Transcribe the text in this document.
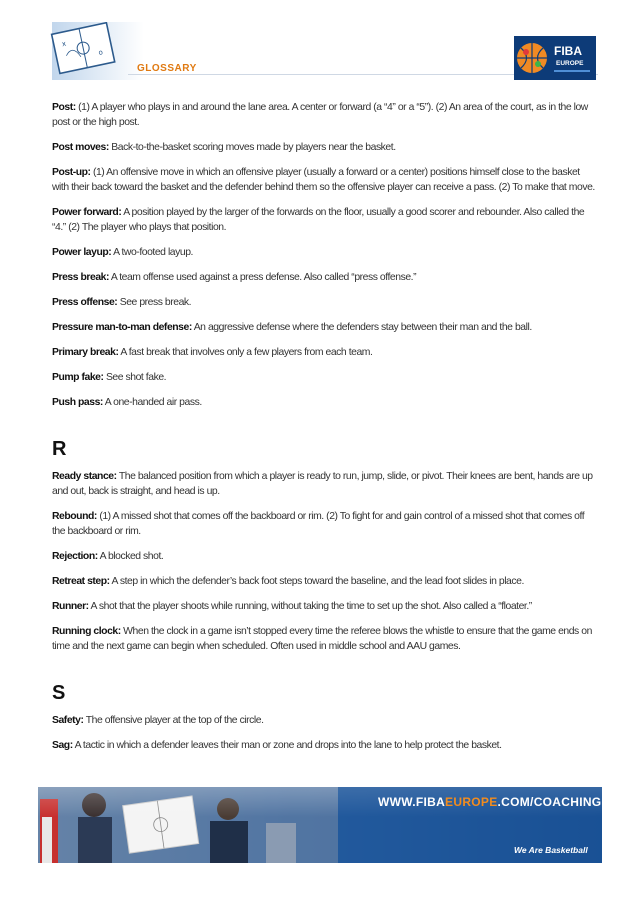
x
o
GLOSSARY
FIBA
EUROPE

Post: (1) A player who plays in and around the lane area. A center or forward (a “4” or a “5”). (2) An area of the court, as in the low post or the high post.

Post moves: Back-to-the-basket scoring moves made by players near the basket.

Post-up: (1) An offensive move in which an offensive player (usually a forward or a center) positions himself close to the basket with their back toward the basket and the defender behind them so the offensive player can receive a pass. (2) To make that move.

Power forward: A position played by the larger of the forwards on the floor, usually a good scorer and rebounder. Also called the “4.” (2) The player who plays that position.

Power layup: A two-footed layup.

Press break: A team offense used against a press defense. Also called “press offense.”

Press offense: See press break.

Pressure man-to-man defense: An aggressive defense where the defenders stay between their man and the ball.

Primary break: A fast break that involves only a few players from each team.

Pump fake: See shot fake.

Push pass: A one-handed air pass.

R

Ready stance: The balanced position from which a player is ready to run, jump, slide, or pivot. Their knees are bent, hands are up and out, back is straight, and head is up.

Rebound: (1) A missed shot that comes off the backboard or rim. (2) To fight for and gain control of a missed shot that comes off the backboard or rim.

Rejection: A blocked shot.

Retreat step: A step in which the defender’s back foot steps toward the baseline, and the lead foot slides in place.

Runner: A shot that the player shoots while running, without taking the time to set up the shot. Also called a “floater.”

Running clock: When the clock in a game isn’t stopped every time the referee blows the whistle to ensure that the game ends on time and the next game can begin when scheduled. Often used in middle school and AAU games.

S

Safety: The offensive player at the top of the circle.

Sag: A tactic in which a defender leaves their man or zone and drops into the lane to help protect the basket.

WWW.FIBAEUROPE.COM/COACHING
We Are Basketball
